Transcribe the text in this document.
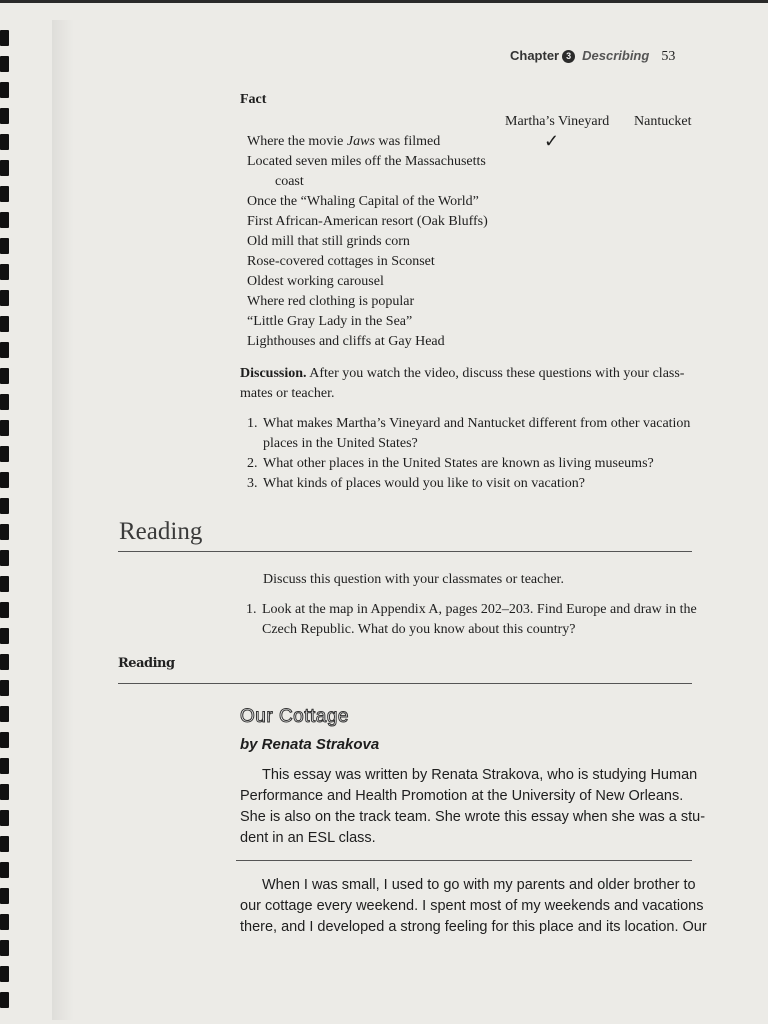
Chapter 3 Describing 53
Fact
Martha’s Vineyard Nantucket
✓
Where the movie Jaws was filmed
Located seven miles off the Massachusetts
coast
Once the “Whaling Capital of the World”
First African-American resort (Oak Bluffs)
Old mill that still grinds corn
Rose-covered cottages in Sconset
Oldest working carousel
Where red clothing is popular
“Little Gray Lady in the Sea”
Lighthouses and cliffs at Gay Head
Discussion. After you watch the video, discuss these questions with your class-
mates or teacher.
1. What makes Martha’s Vineyard and Nantucket different from other vacation
places in the United States?
2. What other places in the United States are known as living museums?
3. What kinds of places would you like to visit on vacation?
Reading
Discuss this question with your classmates or teacher.
1. Look at the map in Appendix A, pages 202–203. Find Europe and draw in the
Czech Republic. What do you know about this country?
Reading
Our Cottage
by Renata Strakova
This essay was written by Renata Strakova, who is studying Human
Performance and Health Promotion at the University of New Orleans.
She is also on the track team. She wrote this essay when she was a stu-
dent in an ESL class.
When I was small, I used to go with my parents and older brother to
our cottage every weekend. I spent most of my weekends and vacations
there, and I developed a strong feeling for this place and its location. Our
